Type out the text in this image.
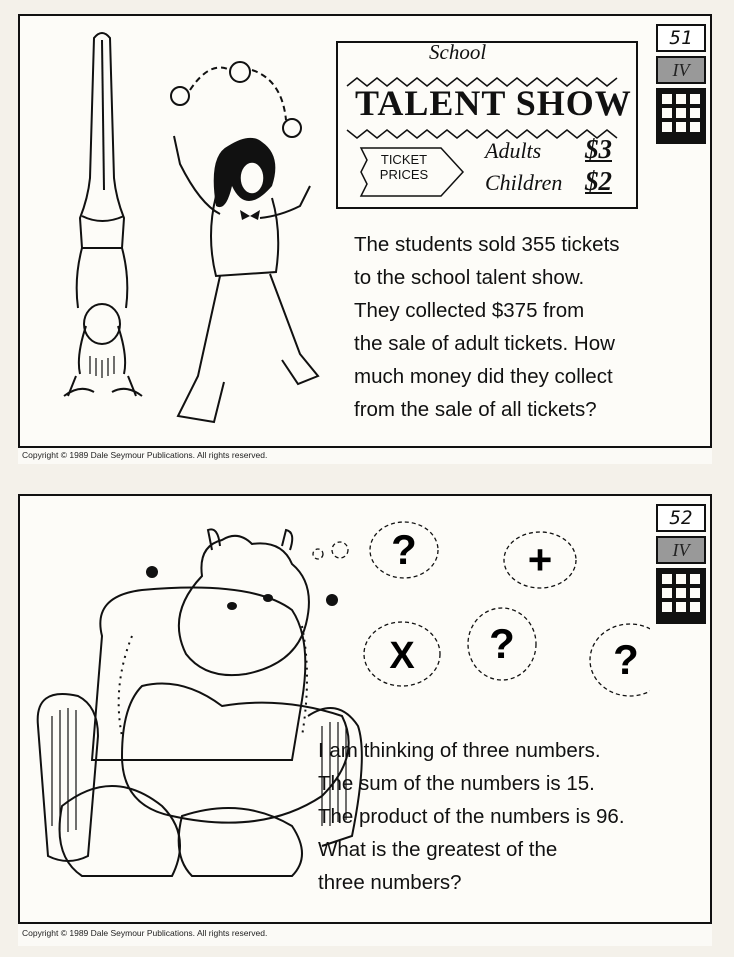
School
TALENT SHOW
TICKET PRICES
Adults $3
Children $2
51
IV
The students sold 355 tickets
to the school talent show.
They collected $375 from
the sale of adult tickets. How
much money did they collect
from the sale of all tickets?
Copyright © 1989 Dale Seymour Publications. All rights reserved.
?	+
X ? ?
52
IV
I am thinking of three numbers.
The sum of the numbers is 15.
The product of the numbers is 96.
What is the greatest of the
three numbers?
Copyright © 1989 Dale Seymour Publications. All rights reserved.
